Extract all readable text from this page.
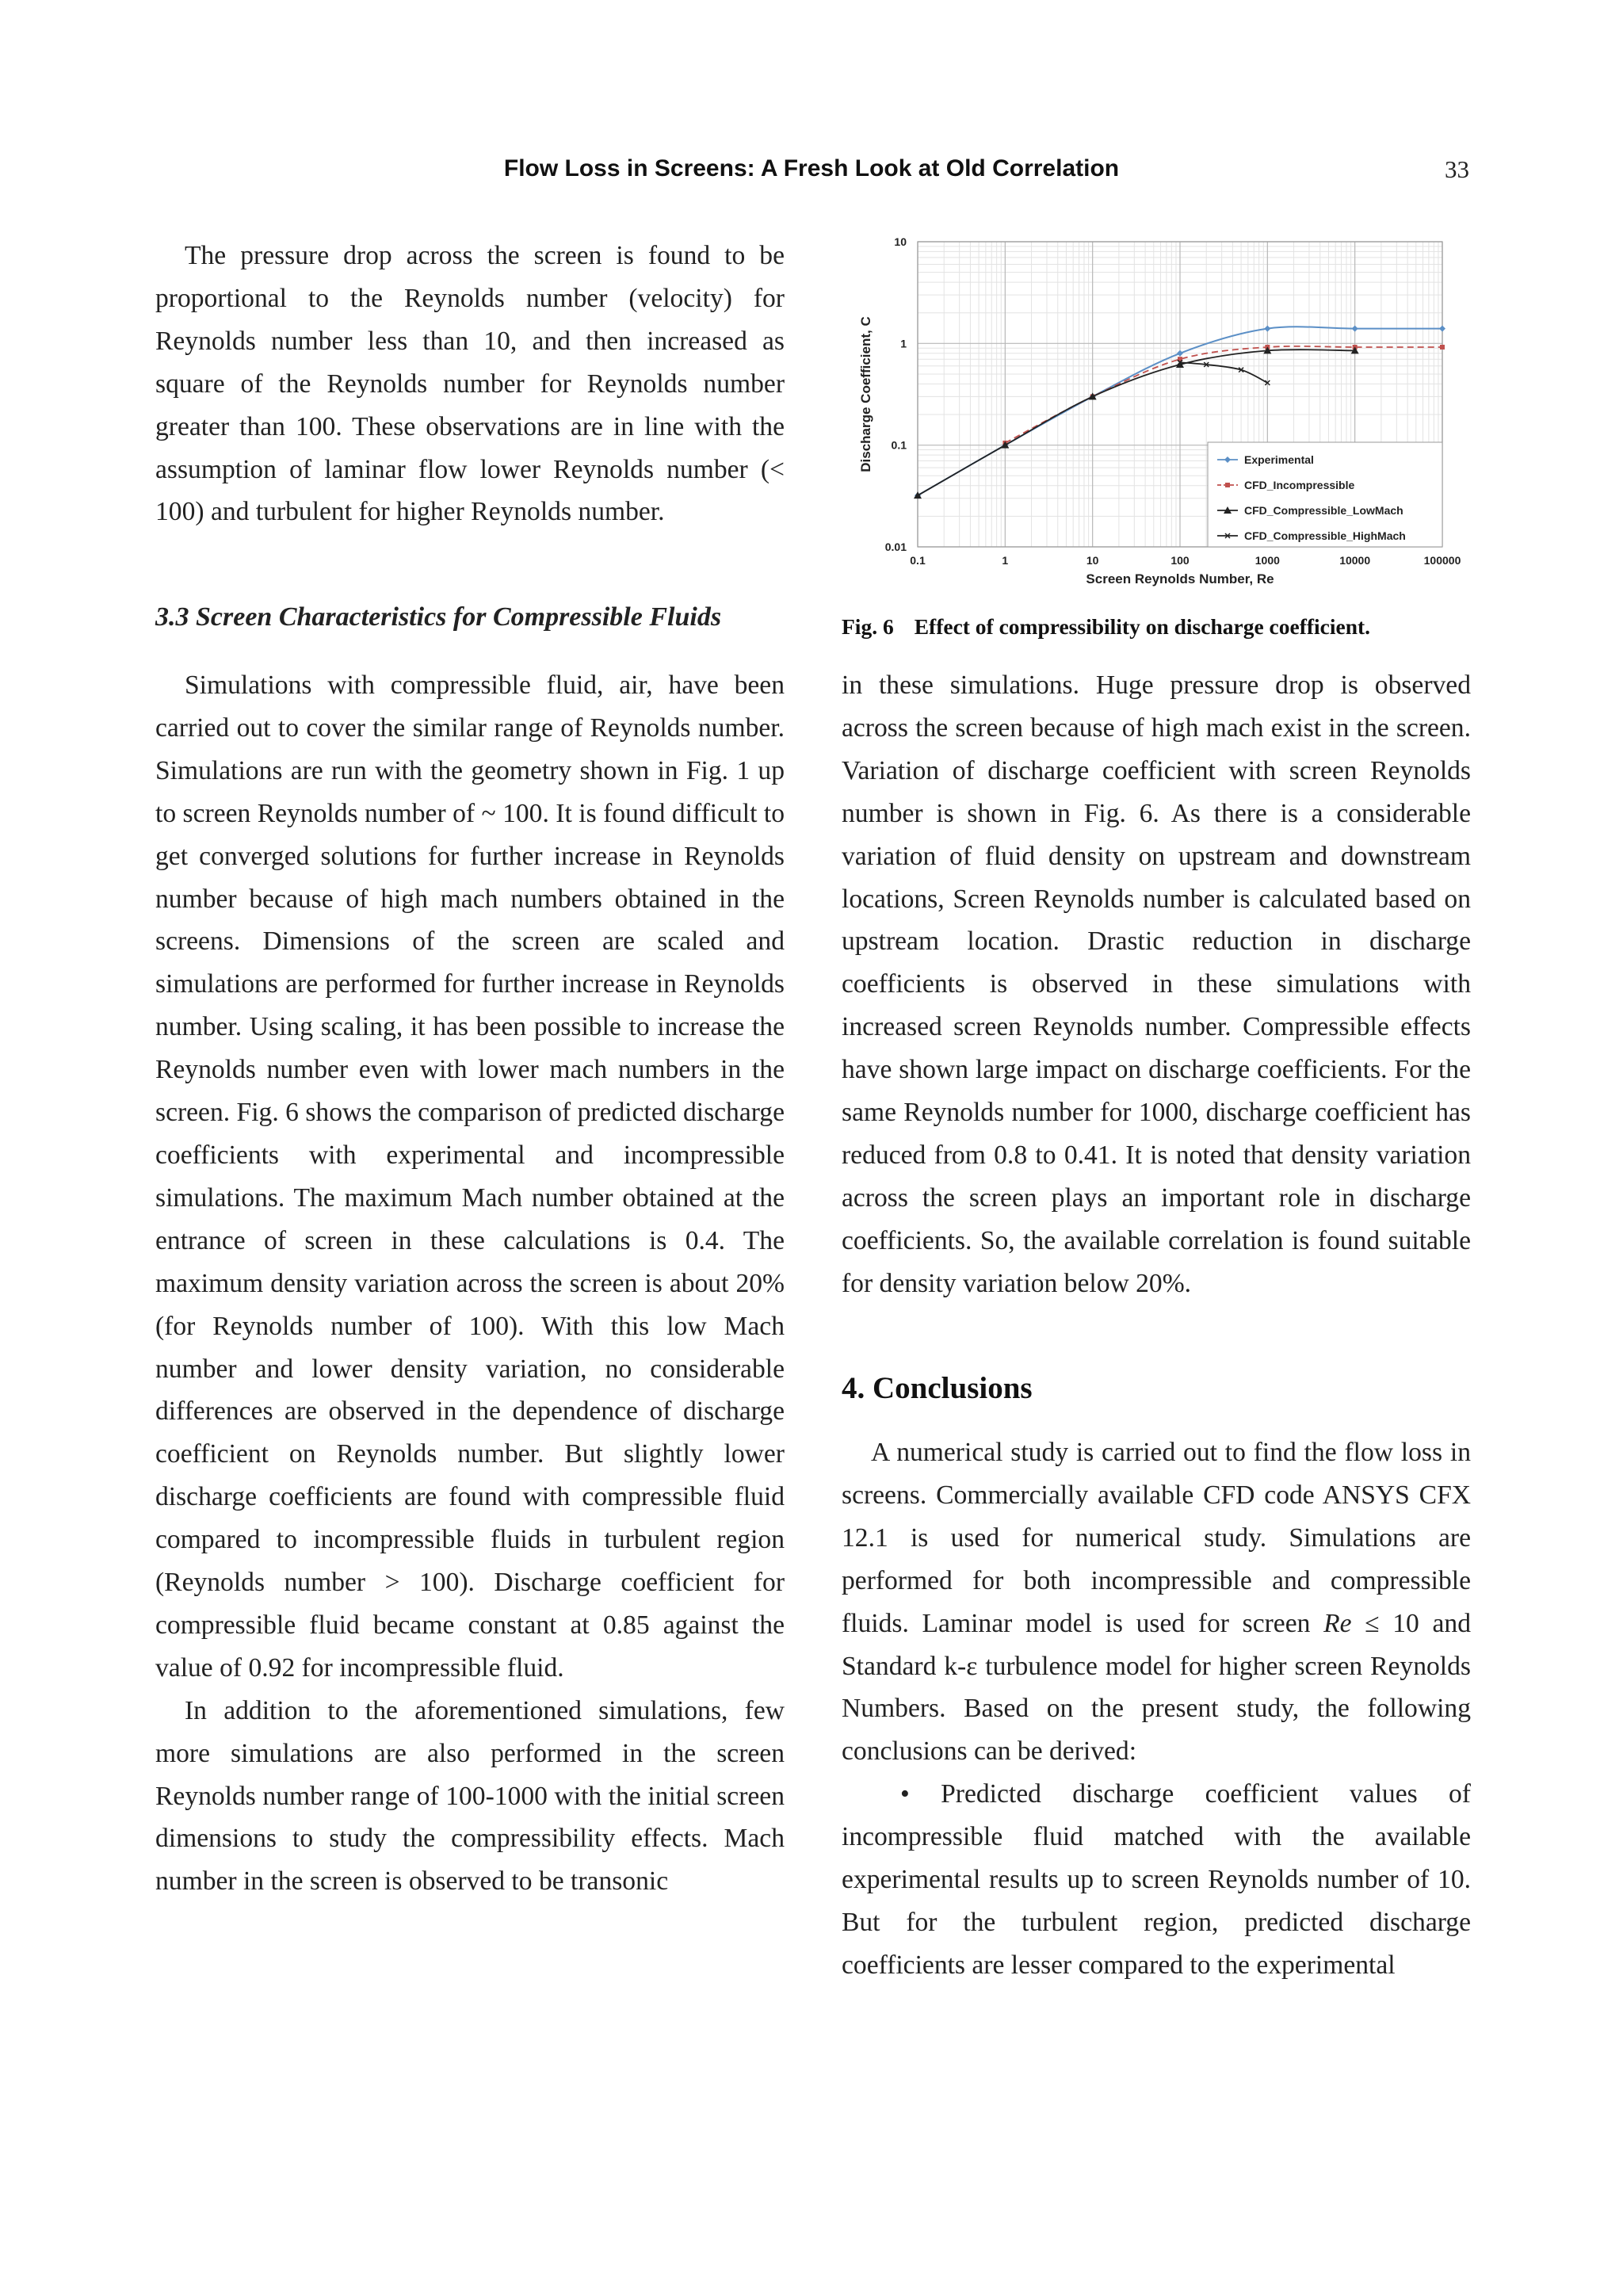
Flow Loss in Screens: A Fresh Look at Old Correlation	33

The pressure drop across the screen is found to be proportional to the Reynolds number (velocity) for Reynolds number less than 10, and then increased as square of the Reynolds number for Reynolds number greater than 100. These observations are in line with the assumption of laminar flow lower Reynolds number (< 100) and turbulent for higher Reynolds number.

3.3 Screen Characteristics for Compressible Fluids

Simulations with compressible fluid, air, have been carried out to cover the similar range of Reynolds number. Simulations are run with the geometry shown in Fig. 1 up to screen Reynolds number of ~ 100. It is found difficult to get converged solutions for further increase in Reynolds number because of high mach numbers obtained in the screens. Dimensions of the screen are scaled and simulations are performed for further increase in Reynolds number. Using scaling, it has been possible to increase the Reynolds number even with lower mach numbers in the screen. Fig. 6 shows the comparison of predicted discharge coefficients with experimental and incompressible simulations. The maximum Mach number obtained at the entrance of screen in these calculations is 0.4. The maximum density variation across the screen is about 20% (for Reynolds number of 100). With this low Mach number and lower density variation, no considerable differences are observed in the dependence of discharge coefficient on Reynolds number. But slightly lower discharge coefficients are found with compressible fluid compared to incompressible fluids in turbulent region (Reynolds number > 100). Discharge coefficient for compressible fluid became constant at 0.85 against the value of 0.92 for incompressible fluid.

In addition to the aforementioned simulations, few more simulations are also performed in the screen Reynolds number range of 100-1000 with the initial screen dimensions to study the compressibility effects. Mach number in the screen is observed to be transonic

0.1	1	10	100	1000	10000	100000
0.01
0.1
1
10
Screen Reynolds Number, Re
Discharge Coefficient, C	Experimental
CFD_Incompressible
CFD_Compressible_LowMach
CFD_Compressible_HighMach
Fig. 6 Effect of compressibility on discharge coefficient.

in these simulations. Huge pressure drop is observed across the screen because of high mach exist in the screen. Variation of discharge coefficient with screen Reynolds number is shown in Fig. 6. As there is a considerable variation of fluid density on upstream and downstream locations, Screen Reynolds number is calculated based on upstream location. Drastic reduction in discharge coefficients is observed in these simulations with increased screen Reynolds number. Compressible effects have shown large impact on discharge coefficients. For the same Reynolds number for 1000, discharge coefficient has reduced from 0.8 to 0.41. It is noted that density variation across the screen plays an important role in discharge coefficients. So, the available correlation is found suitable for density variation below 20%.

4. Conclusions

A numerical study is carried out to find the flow loss in screens. Commercially available CFD code ANSYS CFX 12.1 is used for numerical study. Simulations are performed for both incompressible and compressible fluids. Laminar model is used for screen Re ≤ 10 and Standard k-ε turbulence model for higher screen Reynolds Numbers. Based on the present study, the following conclusions can be derived:

• Predicted discharge coefficient values of incompressible fluid matched with the available experimental results up to screen Reynolds number of 10. But for the turbulent region, predicted discharge coefficients are lesser compared to the experimental
